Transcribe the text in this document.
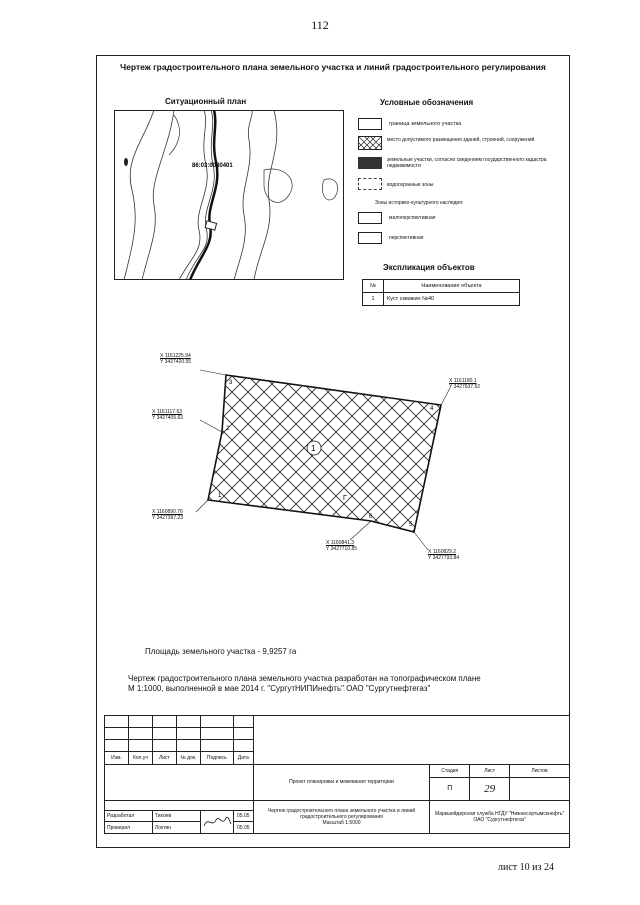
112
Чертеж градостроительного плана земельного участка и линий градостроительного регулирования
Ситуационный план
86:03:0080401
Условные обозначения
граница земельного участка
место допустимого размещения зданий, строений, сооружений
земельные участки, согласно сведениям государственного кадастра недвижимости
водоохранные зоны
Зоны историко-культурного наследия:
малоперспективная
перспективная
Экспликация объектов
№	Наименование объекта
1	Куст скважин №40
1
Г
1
2
3
4
5
6
X 1161225.94
Y 3427420.55
X 1161117.63
Y 3427405.63
X 1161180.1
Y 3427637.52
X 1160890.76
Y 3427397.23
X 1160841.3
Y 3427710.85	X 1160829.2
Y 3427793.84
Площадь земельного участка - 9,9257 га
Чертеж градостроительного плана земельного участка разработан на топографическом плане
М 1:1000, выполненной в мае 2014 г. "СургутНИПИнефть" ОАО "Сургутнефтегаз"

Изм.	Кол.уч	Лист	№ док.	Подпись	Дата				
						Проект планировки и межевания территории	Стадия	Лист	Листов
							П	29	

						Чертеж градостроительного плана земельного участка и линий градостроительного регулирования
Масштаб 1:5000	Маркшейдерская служба НГДУ "Нижнесортымскнефть" ОАО "Сургутнефтегаз"		
Разработал		Тихоев			05.05				
Проверил		Локтин			05.05				
лист 10 из 24
